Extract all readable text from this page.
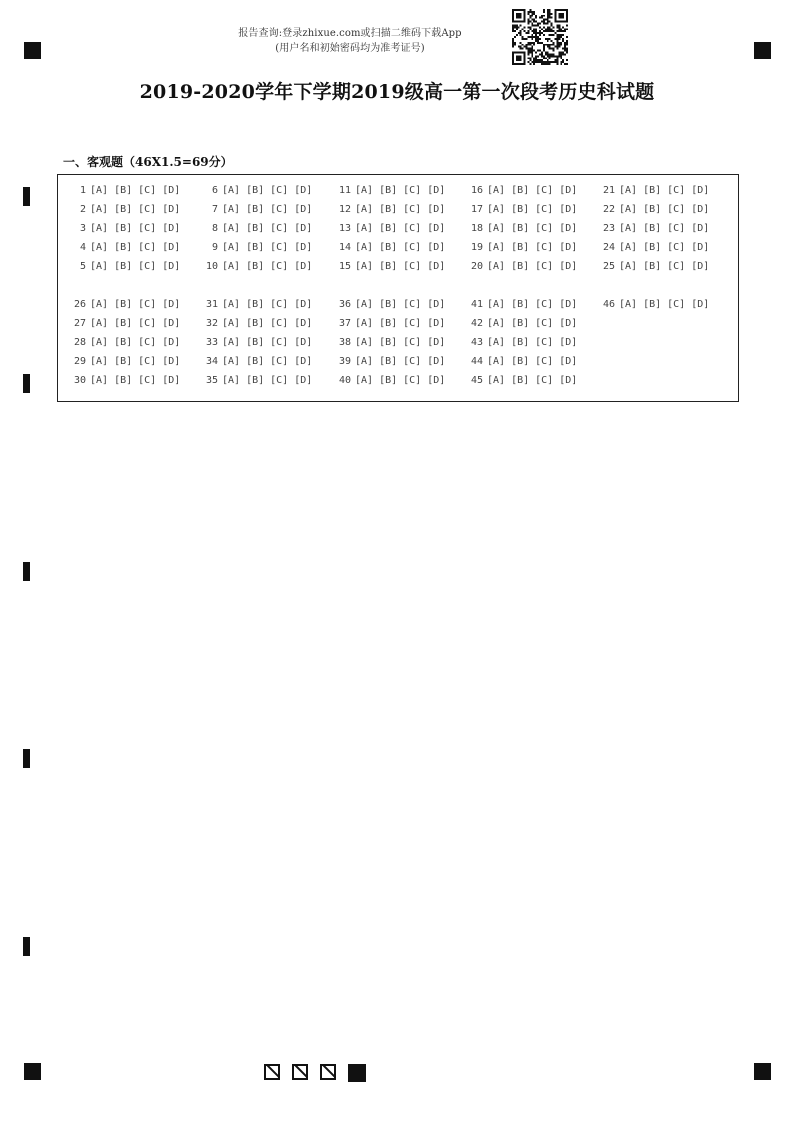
报告查询:登录zhixue.com或扫描二维码下载App
(用户名和初始密码均为准考证号)
2019-2020学年下学期2019级高一第一次段考历史科试题
一、客观题（46X1.5=69分）
1 [A] [B] [C] [D]
2 [A] [B] [C] [D]
3 [A] [B] [C] [D]
4 [A] [B] [C] [D]
5 [A] [B] [C] [D]
6 [A] [B] [C] [D]
7 [A] [B] [C] [D]
8 [A] [B] [C] [D]
9 [A] [B] [C] [D]
10 [A] [B] [C] [D]
11 [A] [B] [C] [D]
12 [A] [B] [C] [D]
13 [A] [B] [C] [D]
14 [A] [B] [C] [D]
15 [A] [B] [C] [D]
16 [A] [B] [C] [D]
17 [A] [B] [C] [D]
18 [A] [B] [C] [D]
19 [A] [B] [C] [D]
20 [A] [B] [C] [D]
21 [A] [B] [C] [D]
22 [A] [B] [C] [D]
23 [A] [B] [C] [D]
24 [A] [B] [C] [D]
25 [A] [B] [C] [D]
26 [A] [B] [C] [D]
27 [A] [B] [C] [D]
28 [A] [B] [C] [D]
29 [A] [B] [C] [D]
30 [A] [B] [C] [D]
31 [A] [B] [C] [D]
32 [A] [B] [C] [D]
33 [A] [B] [C] [D]
34 [A] [B] [C] [D]
35 [A] [B] [C] [D]
36 [A] [B] [C] [D]
37 [A] [B] [C] [D]
38 [A] [B] [C] [D]
39 [A] [B] [C] [D]
40 [A] [B] [C] [D]
41 [A] [B] [C] [D]
42 [A] [B] [C] [D]
43 [A] [B] [C] [D]
44 [A] [B] [C] [D]
45 [A] [B] [C] [D]
46 [A] [B] [C] [D]
